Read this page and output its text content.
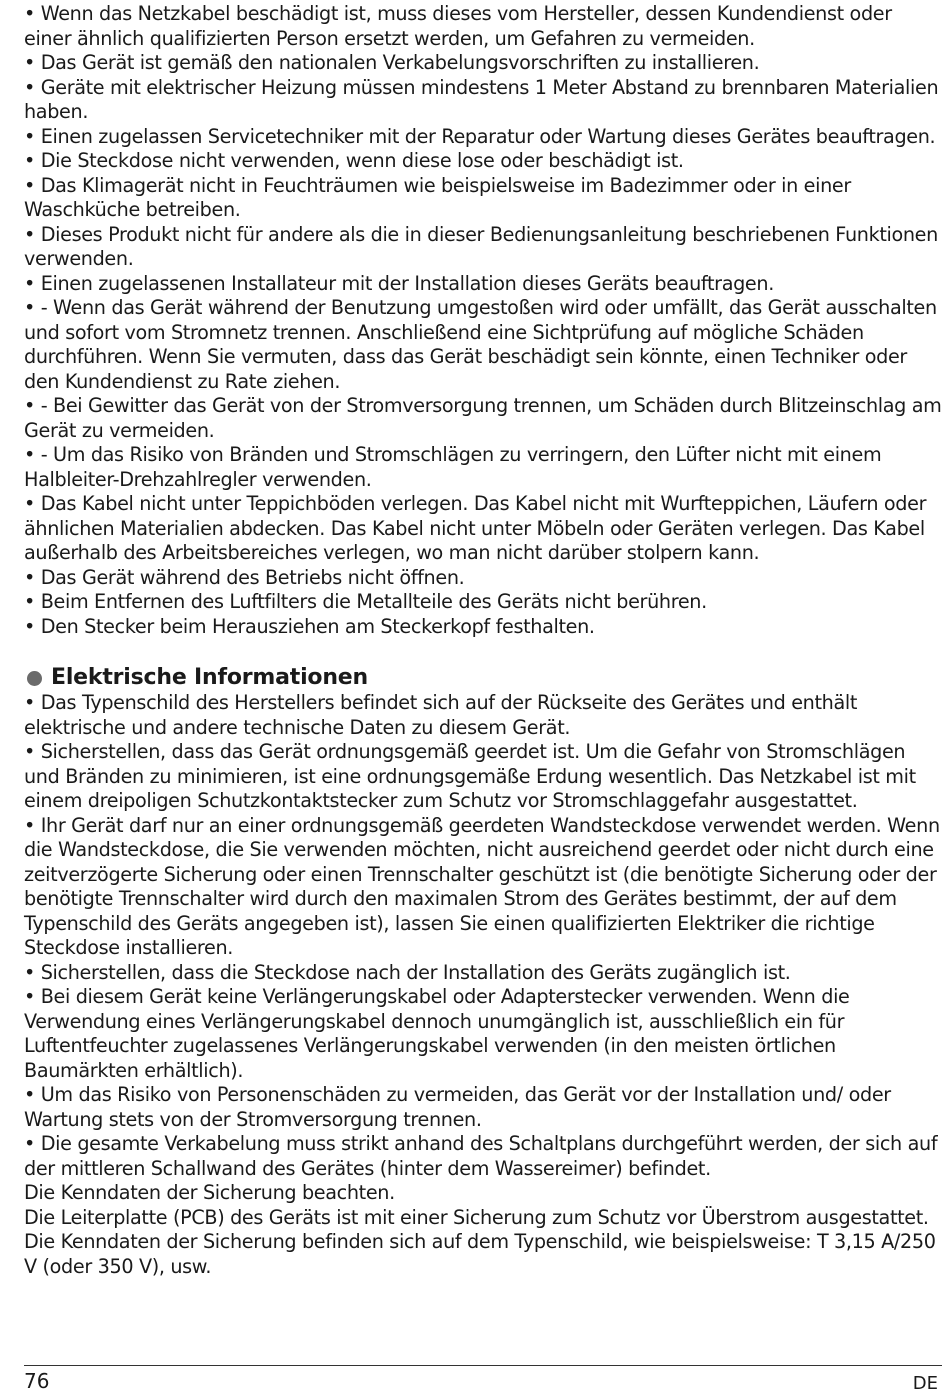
• Wenn das Netzkabel beschädigt ist, muss dieses vom Hersteller, dessen Kundendienst oder einer ähnlich qualifizierten Person ersetzt werden, um Gefahren zu vermeiden.

• Das Gerät ist gemäß den nationalen Verkabelungsvorschriften zu installieren.

• Geräte mit elektrischer Heizung müssen mindestens 1 Meter Abstand zu brennbaren Materialien haben.

• Einen zugelassen Servicetechniker mit der Reparatur oder Wartung dieses Gerätes beauftragen.

• Die Steckdose nicht verwenden, wenn diese lose oder beschädigt ist.

• Das Klimagerät nicht in Feuchträumen wie beispielsweise im Badezimmer oder in einer Waschküche betreiben.

• Dieses Produkt nicht für andere als die in dieser Bedienungsanleitung beschriebenen Funktionen verwenden.

• Einen zugelassenen Installateur mit der Installation dieses Geräts beauftragen.

• - Wenn das Gerät während der Benutzung umgestoßen wird oder umfällt, das Gerät ausschalten und sofort vom Stromnetz trennen. Anschließend eine Sichtprüfung auf mögliche Schäden durchführen. Wenn Sie vermuten, dass das Gerät beschädigt sein könnte, einen Techniker oder den Kundendienst zu Rate ziehen.

• - Bei Gewitter das Gerät von der Stromversorgung trennen, um Schäden durch Blitzeinschlag am Gerät zu vermeiden.

• - Um das Risiko von Bränden und Stromschlägen zu verringern, den Lüfter nicht mit einem Halbleiter-Drehzahlregler verwenden.

• Das Kabel nicht unter Teppichböden verlegen. Das Kabel nicht mit Wurfteppichen, Läufern oder ähnlichen Materialien abdecken. Das Kabel nicht unter Möbeln oder Geräten verlegen. Das Kabel außerhalb des Arbeitsbereiches verlegen, wo man nicht darüber stolpern kann.

• Das Gerät während des Betriebs nicht öffnen.

• Beim Entfernen des Luftfilters die Metallteile des Geräts nicht berühren.

• Den Stecker beim Herausziehen am Steckerkopf festhalten.

Elektrische Informationen

• Das Typenschild des Herstellers befindet sich auf der Rückseite des Gerätes und enthält elektrische und andere technische Daten zu diesem Gerät.

• Sicherstellen, dass das Gerät ordnungsgemäß geerdet ist. Um die Gefahr von Stromschlägen und Bränden zu minimieren, ist eine ordnungsgemäße Erdung wesentlich. Das Netzkabel ist mit einem dreipoligen Schutzkontaktstecker zum Schutz vor Stromschlaggefahr ausgestattet.

• Ihr Gerät darf nur an einer ordnungsgemäß geerdeten Wandsteckdose verwendet werden. Wenn die Wandsteckdose, die Sie verwenden möchten, nicht ausreichend geerdet oder nicht durch eine zeitverzögerte Sicherung oder einen Trennschalter geschützt ist (die benötigte Sicherung oder der benötigte Trennschalter wird durch den maximalen Strom des Gerätes bestimmt, der auf dem Typenschild des Geräts angegeben ist), lassen Sie einen qualifizierten Elektriker die richtige Steckdose installieren.

• Sicherstellen, dass die Steckdose nach der Installation des Geräts zugänglich ist.

• Bei diesem Gerät keine Verlängerungskabel oder Adapterstecker verwenden. Wenn die Verwendung eines Verlängerungskabel dennoch unumgänglich ist, ausschließlich ein für Luftentfeuchter zugelassenes Verlängerungskabel verwenden (in den meisten örtlichen Baumärkten erhältlich).

• Um das Risiko von Personenschäden zu vermeiden, das Gerät vor der Installation und/ oder Wartung stets von der Stromversorgung trennen.

• Die gesamte Verkabelung muss strikt anhand des Schaltplans durchgeführt werden, der sich auf der mittleren Schallwand des Gerätes (hinter dem Wassereimer) befindet.

Die Kenndaten der Sicherung beachten.

Die Leiterplatte (PCB) des Geräts ist mit einer Sicherung zum Schutz vor Überstrom ausgestattet. Die Kenndaten der Sicherung befinden sich auf dem Typenschild, wie beispielsweise: T 3,15 A/250 V (oder 350 V), usw.

76	DE
